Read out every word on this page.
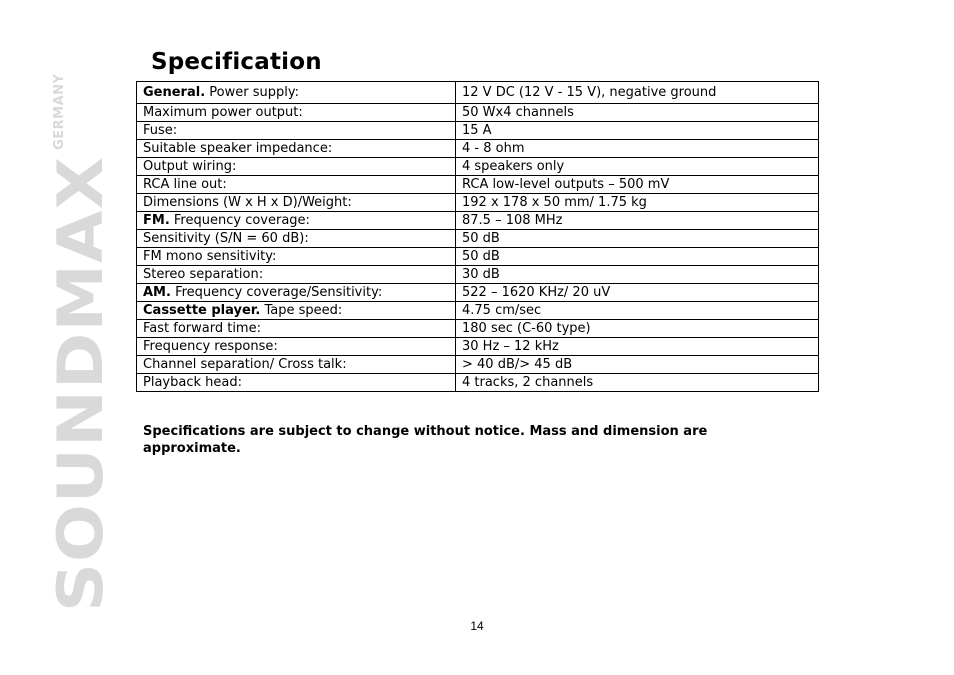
SOUNDMAX
GERMANY
Specification
General. Power supply:	12 V DC (12 V - 15 V), negative ground
Maximum power output:	50 Wx4 channels
Fuse:	15 A
Suitable speaker impedance:	4 - 8 ohm
Output wiring:	4 speakers only
RCA line out:	RCA low-level outputs – 500 mV
Dimensions (W x H x D)/Weight:	192 x 178 x 50 mm/ 1.75 kg
FM. Frequency coverage:	87.5 – 108 MHz
Sensitivity (S/N = 60 dB):	50 dB
FM mono sensitivity:	50 dB
Stereo separation:	30 dB
AM. Frequency coverage/Sensitivity:	522 – 1620 KHz/ 20 uV
Cassette player. Tape speed:	4.75 cm/sec
Fast forward time:	180 sec (C-60 type)
Frequency response:	30 Hz – 12 kHz
Channel separation/ Cross talk:	> 40 dB/> 45 dB
Playback head:	4 tracks, 2 channels
Specifications are subject to change without notice. Mass and dimension are approximate.
14
